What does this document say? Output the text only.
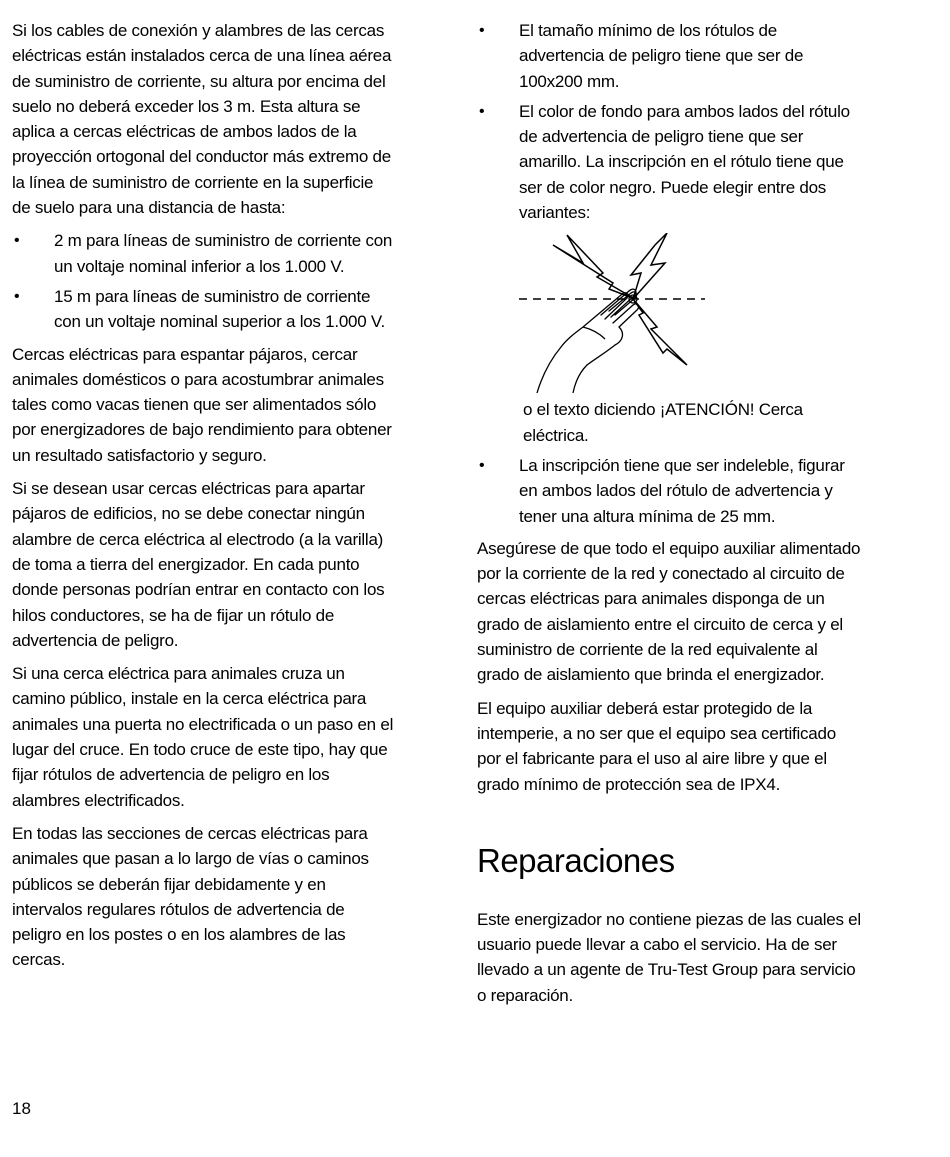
Si los cables de conexión y alambres de las cercas eléctricas están instalados cerca de una línea aérea de suministro de corriente, su altura por encima del suelo no deberá exceder los 3 m. Esta altura se aplica a cercas eléctricas de ambos lados de la proyección ortogonal del conductor más extremo de la línea de suministro de corriente en la superficie de suelo para una distancia de hasta:

• 2 m para líneas de suministro de corriente con un voltaje nominal inferior a los 1.000 V.
• 15 m para líneas de suministro de corriente con un voltaje nominal superior a los 1.000 V.

Cercas eléctricas para espantar pájaros, cercar animales domésticos o para acostumbrar animales tales como vacas tienen que ser alimentados sólo por energizadores de bajo rendimiento para obtener un resultado satisfactorio y seguro.

Si se desean usar cercas eléctricas para apartar pájaros de edificios, no se debe conectar ningún alambre de cerca eléctrica al electrodo (a la varilla) de toma a tierra del energizador. En cada punto donde personas podrían entrar en contacto con los hilos conductores, se ha de fijar un rótulo de advertencia de peligro.

Si una cerca eléctrica para animales cruza un camino público, instale en la cerca eléctrica para animales una puerta no electrificada o un paso en el lugar del cruce. En todo cruce de este tipo, hay que fijar rótulos de advertencia de peligro en los alambres electrificados.

En todas las secciones de cercas eléctricas para animales que pasan a lo largo de vías o caminos públicos se deberán fijar debidamente y en intervalos regulares rótulos de advertencia de peligro en los postes o en los alambres de las cercas.

• El tamaño mínimo de los rótulos de advertencia de peligro tiene que ser de 100x200 mm.
• El color de fondo para ambos lados del rótulo de advertencia de peligro tiene que ser amarillo. La inscripción en el rótulo tiene que ser de color negro. Puede elegir entre dos variantes:

o el texto diciendo ¡ATENCIÓN! Cerca eléctrica.

• La inscripción tiene que ser indeleble, figurar en ambos lados del rótulo de advertencia y tener una altura mínima de 25 mm.

Asegúrese de que todo el equipo auxiliar alimentado por la corriente de la red y conectado al circuito de cercas eléctricas para animales disponga de un grado de aislamiento entre el circuito de cerca y el suministro de corriente de la red equivalente al grado de aislamiento que brinda el energizador.

El equipo auxiliar deberá estar protegido de la intemperie, a no ser que el equipo sea certificado por el fabricante para el uso al aire libre y que el grado mínimo de protección sea de IPX4.

Reparaciones

Este energizador no contiene piezas de las cuales el usuario puede llevar a cabo el servicio. Ha de ser llevado a un agente de Tru-Test Group para servicio o reparación.

18
